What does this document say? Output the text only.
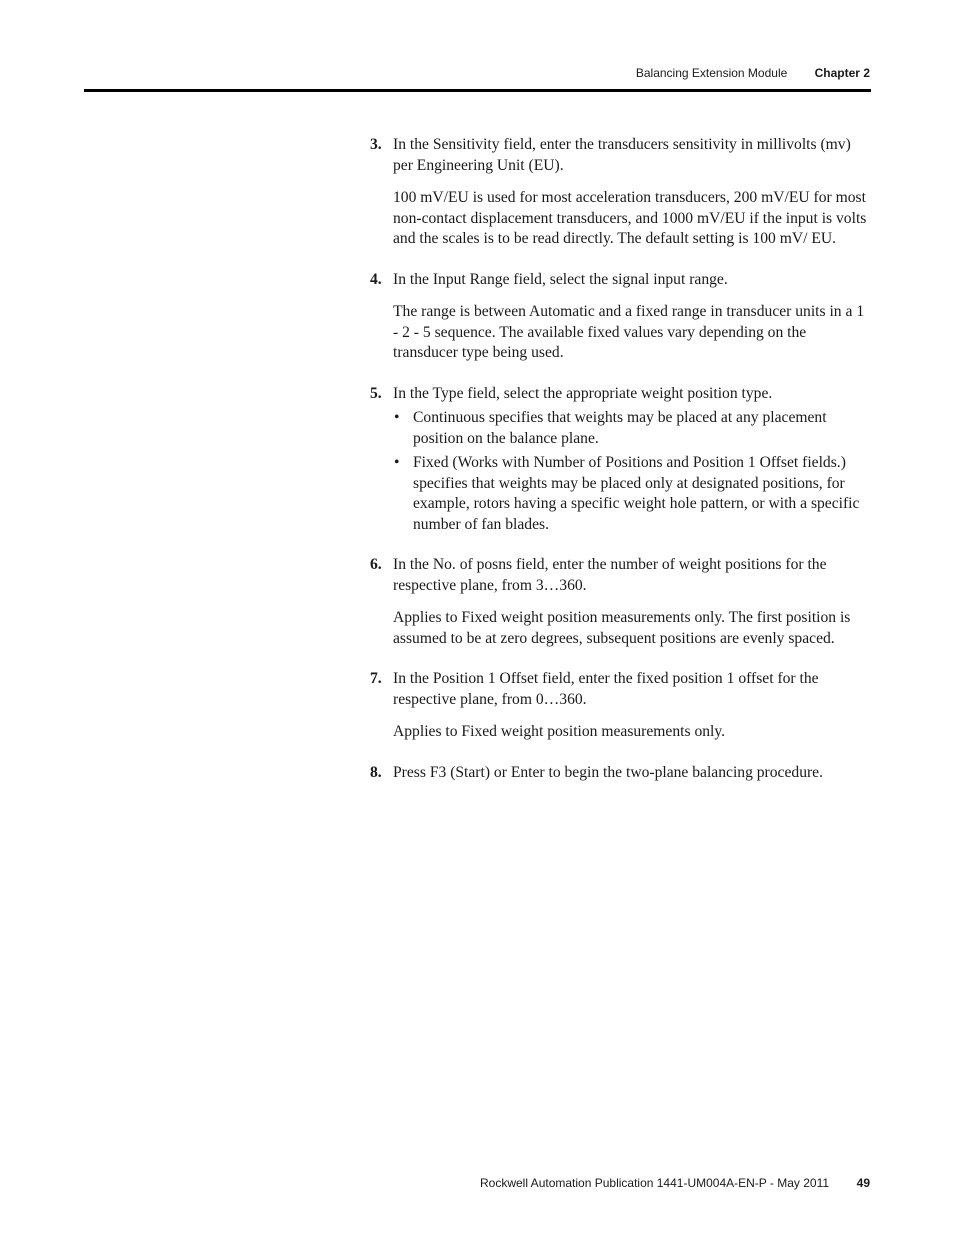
Balancing Extension Module Chapter 2
3. In the Sensitivity field, enter the transducers sensitivity in millivolts (mv) per Engineering Unit (EU).

100 mV/EU is used for most acceleration transducers, 200 mV/EU for most non-contact displacement transducers, and 1000 mV/EU if the input is volts and the scales is to be read directly. The default setting is 100 mV/ EU.

4. In the Input Range field, select the signal input range.

The range is between Automatic and a fixed range in transducer units in a 1 - 2 - 5 sequence. The available fixed values vary depending on the transducer type being used.

5. In the Type field, select the appropriate weight position type.

• Continuous specifies that weights may be placed at any placement position on the balance plane.
• Fixed (Works with Number of Positions and Position 1 Offset fields.) specifies that weights may be placed only at designated positions, for example, rotors having a specific weight hole pattern, or with a specific number of fan blades.
6. In the No. of posns field, enter the number of weight positions for the respective plane, from 3…360.

Applies to Fixed weight position measurements only. The first position is assumed to be at zero degrees, subsequent positions are evenly spaced.

7. In the Position 1 Offset field, enter the fixed position 1 offset for the respective plane, from 0…360.

Applies to Fixed weight position measurements only.

8. Press F3 (Start) or Enter to begin the two-plane balancing procedure.

Rockwell Automation Publication 1441-UM004A-EN-P - May 2011 49
